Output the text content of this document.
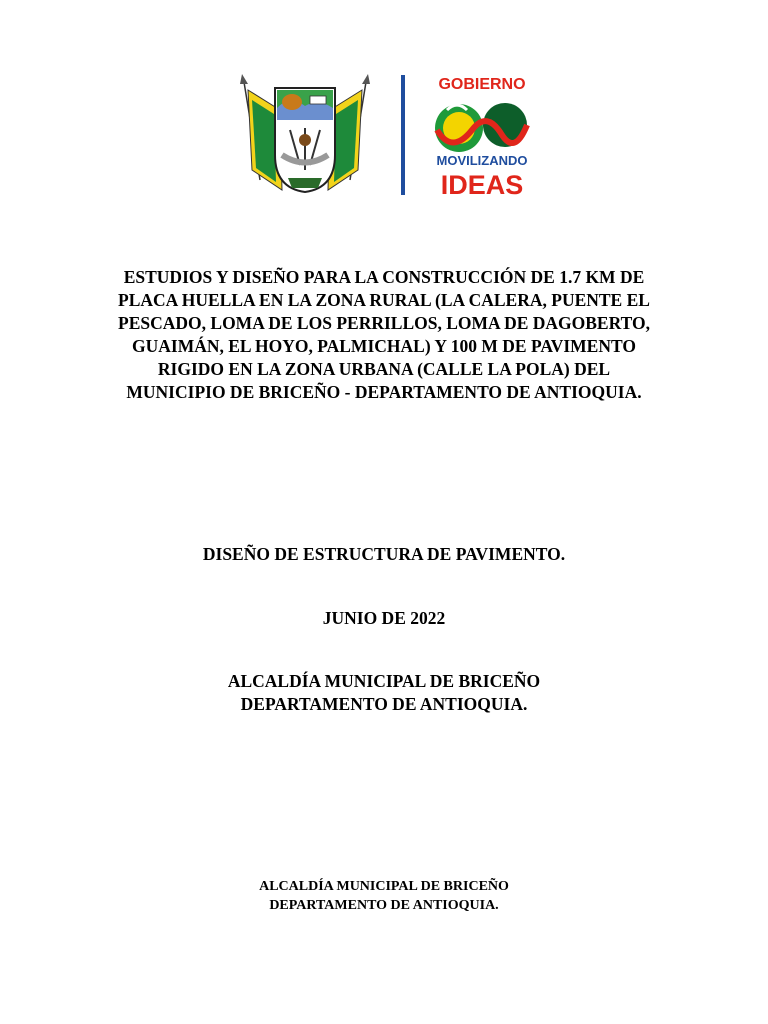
GOBIERNO
MOVILIZANDO
IDEAS

ESTUDIOS Y DISEÑO PARA LA CONSTRUCCIÓN DE 1.7 KM DE
PLACA HUELLA EN LA ZONA RURAL (LA CALERA, PUENTE EL
PESCADO, LOMA DE LOS PERRILLOS, LOMA DE DAGOBERTO,
GUAIMÁN, EL HOYO, PALMICHAL) Y 100 M DE PAVIMENTO
RIGIDO EN LA ZONA URBANA (CALLE LA POLA) DEL
MUNICIPIO DE BRICEÑO - DEPARTAMENTO DE ANTIOQUIA.

DISEÑO DE ESTRUCTURA DE PAVIMENTO.

JUNIO DE 2022

ALCALDÍA MUNICIPAL DE BRICEÑO
DEPARTAMENTO DE ANTIOQUIA.

ALCALDÍA MUNICIPAL DE BRICEÑO
DEPARTAMENTO DE ANTIOQUIA.
